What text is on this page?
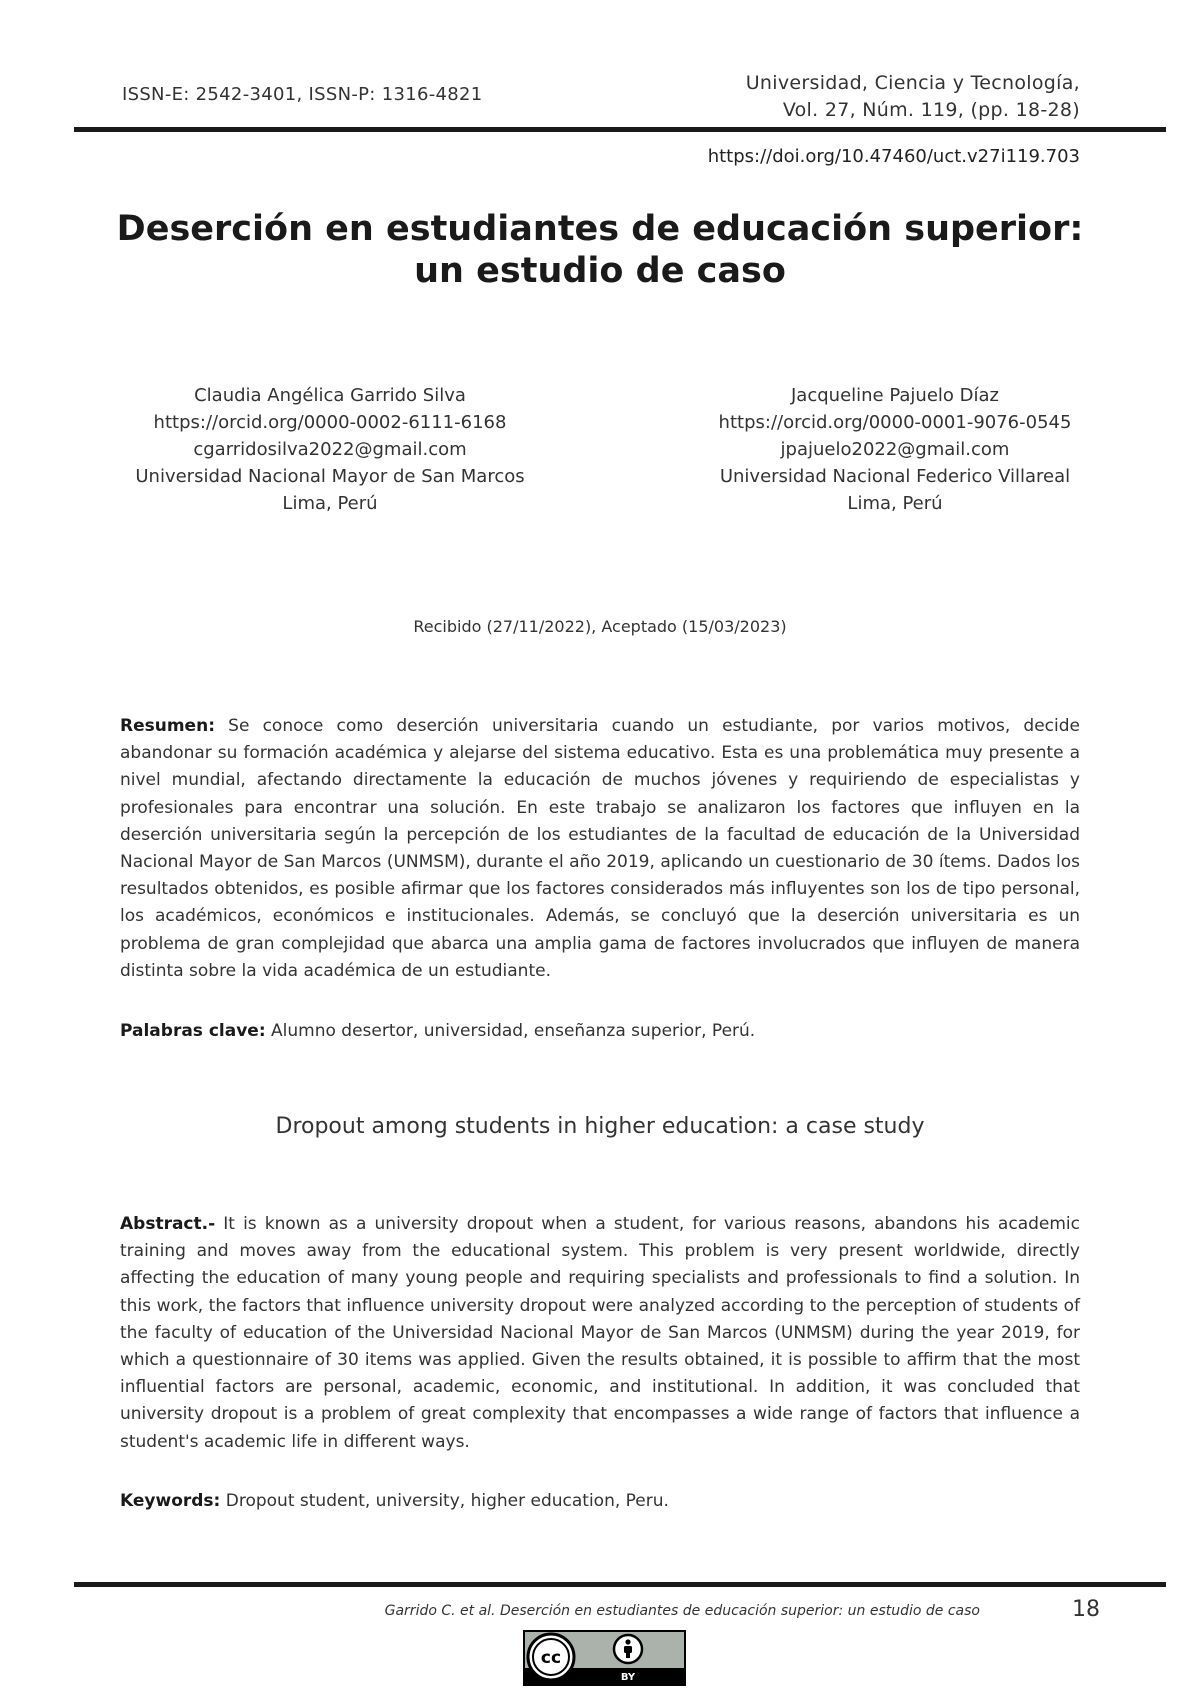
ISSN-E: 2542-3401, ISSN-P: 1316-4821
Universidad, Ciencia y Tecnología,
Vol. 27, Núm. 119, (pp. 18-28)
https://doi.org/10.47460/uct.v27i119.703
Deserción en estudiantes de educación superior:
un estudio de caso
Claudia Angélica Garrido Silva
https://orcid.org/0000-0002-6111-6168
cgarridosilva2022@gmail.com
Universidad Nacional Mayor de San Marcos
Lima, Perú
Jacqueline Pajuelo Díaz
https://orcid.org/0000-0001-9076-0545
jpajuelo2022@gmail.com
Universidad Nacional Federico Villareal
Lima, Perú
Recibido (27/11/2022), Aceptado (15/03/2023)
Resumen: Se conoce como deserción universitaria cuando un estudiante, por varios motivos, decide abandonar su formación académica y alejarse del sistema educativo. Esta es una problemática muy presente a nivel mundial, afectando directamente la educación de muchos jóvenes y requiriendo de especialistas y profesionales para encontrar una solución. En este trabajo se analizaron los factores que influyen en la deserción universitaria según la percepción de los estudiantes de la facultad de educación de la Universidad Nacional Mayor de San Marcos (UNMSM), durante el año 2019, aplicando un cuestionario de 30 ítems. Dados los resultados obtenidos, es posible afirmar que los factores considerados más influyentes son los de tipo personal, los académicos, económicos e institucionales. Además, se concluyó que la deserción universitaria es un problema de gran complejidad que abarca una amplia gama de factores involucrados que influyen de manera distinta sobre la vida académica de un estudiante.
Palabras clave: Alumno desertor, universidad, enseñanza superior, Perú.
Dropout among students in higher education: a case study
Abstract.- It is known as a university dropout when a student, for various reasons, abandons his academic training and moves away from the educational system. This problem is very present worldwide, directly affecting the education of many young people and requiring specialists and professionals to find a solution. In this work, the factors that influence university dropout were analyzed according to the perception of students of the faculty of education of the Universidad Nacional Mayor de San Marcos (UNMSM) during the year 2019, for which a questionnaire of 30 items was applied. Given the results obtained, it is possible to affirm that the most influential factors are personal, academic, economic, and institutional. In addition, it was concluded that university dropout is a problem of great complexity that encompasses a wide range of factors that influence a student's academic life in different ways.
Keywords: Dropout student, university, higher education, Peru.
Garrido C. et al. Deserción en estudiantes de educación superior: un estudio de caso	18
cc
BY
